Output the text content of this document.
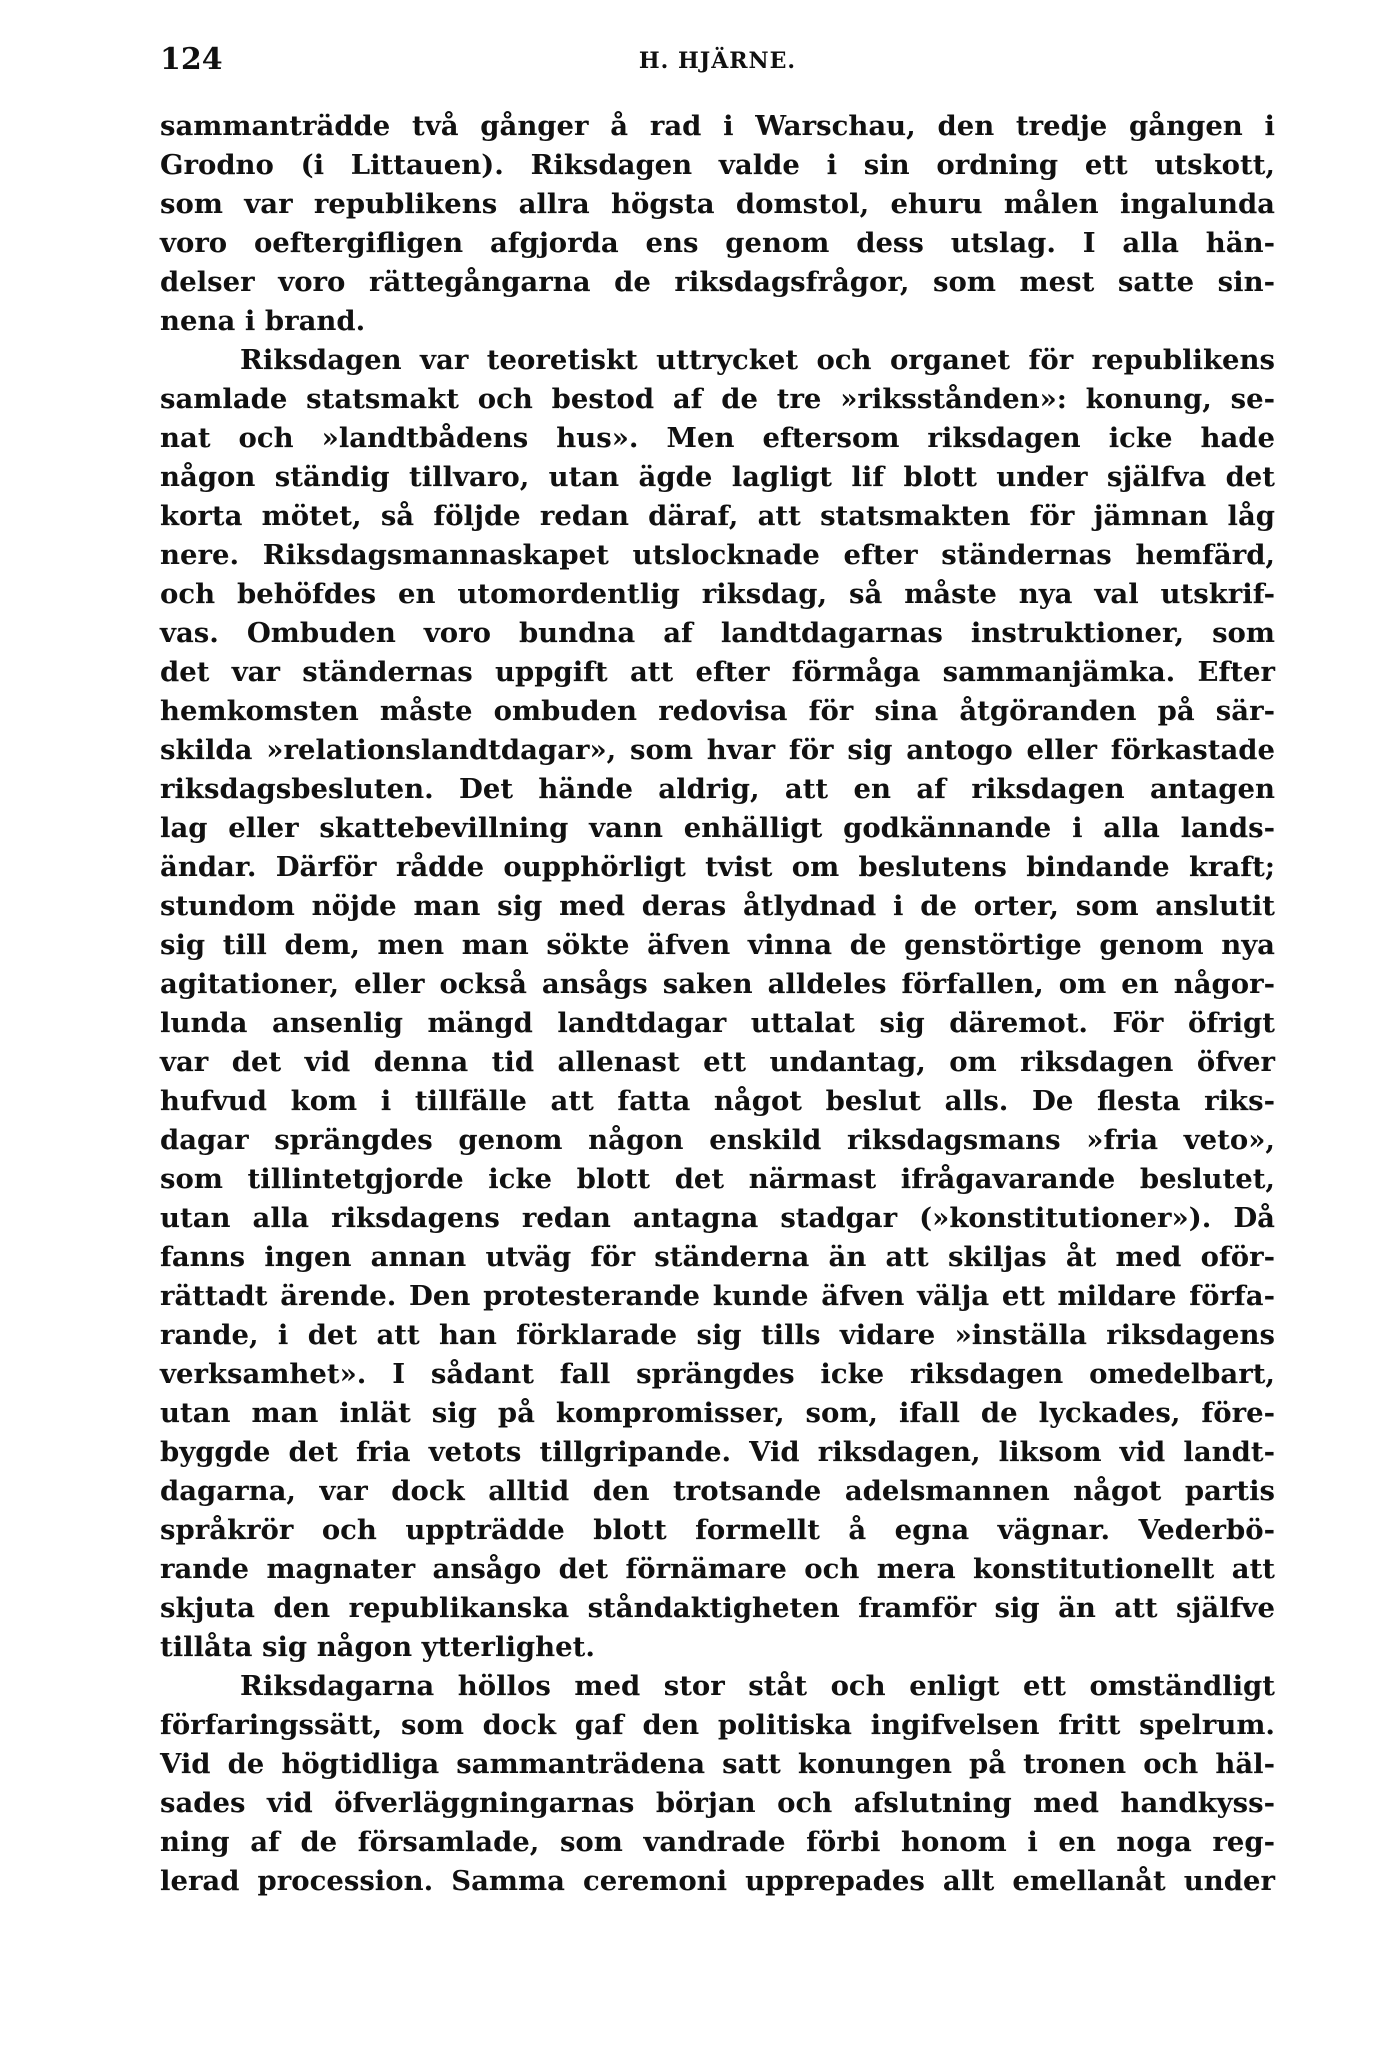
124	H. HJÄRNE.
sammanträdde två gånger å rad i Warschau, den tredje gången i
Grodno (i Littauen). Riksdagen valde i sin ordning ett utskott,
som var republikens allra högsta domstol, ehuru målen ingalunda
voro oeftergifligen afgjorda ens genom dess utslag. I alla hän-
delser voro rättegångarna de riksdagsfrågor, som mest satte sin-
nena i brand.
Riksdagen var teoretiskt uttrycket och organet för republikens
samlade statsmakt och bestod af de tre »riksstånden»: konung, se-
nat och »landtbådens hus». Men eftersom riksdagen icke hade
någon ständig tillvaro, utan ägde lagligt lif blott under själfva det
korta mötet, så följde redan däraf, att statsmakten för jämnan låg
nere. Riksdagsmannaskapet utslocknade efter ständernas hemfärd,
och behöfdes en utomordentlig riksdag, så måste nya val utskrif-
vas. Ombuden voro bundna af landtdagarnas instruktioner, som
det var ständernas uppgift att efter förmåga sammanjämka. Efter
hemkomsten måste ombuden redovisa för sina åtgöranden på sär-
skilda »relationslandtdagar», som hvar för sig antogo eller förkastade
riksdagsbesluten. Det hände aldrig, att en af riksdagen antagen
lag eller skattebevillning vann enhälligt godkännande i alla lands-
ändar. Därför rådde oupphörligt tvist om beslutens bindande kraft;
stundom nöjde man sig med deras åtlydnad i de orter, som anslutit
sig till dem, men man sökte äfven vinna de genstörtige genom nya
agitationer, eller också ansågs saken alldeles förfallen, om en någor-
lunda ansenlig mängd landtdagar uttalat sig däremot. För öfrigt
var det vid denna tid allenast ett undantag, om riksdagen öfver
hufvud kom i tillfälle att fatta något beslut alls. De flesta riks-
dagar sprängdes genom någon enskild riksdagsmans »fria veto»,
som tillintetgjorde icke blott det närmast ifrågavarande beslutet,
utan alla riksdagens redan antagna stadgar (»konstitutioner»). Då
fanns ingen annan utväg för ständerna än att skiljas åt med oför-
rättadt ärende. Den protesterande kunde äfven välja ett mildare förfa-
rande, i det att han förklarade sig tills vidare »inställa riksdagens
verksamhet». I sådant fall sprängdes icke riksdagen omedelbart,
utan man inlät sig på kompromisser, som, ifall de lyckades, före-
byggde det fria vetots tillgripande. Vid riksdagen, liksom vid landt-
dagarna, var dock alltid den trotsande adelsmannen något partis
språkrör och uppträdde blott formellt å egna vägnar. Vederbö-
rande magnater ansågo det förnämare och mera konstitutionellt att
skjuta den republikanska ståndaktigheten framför sig än att själfve
tillåta sig någon ytterlighet.
Riksdagarna höllos med stor ståt och enligt ett omständligt
förfaringssätt, som dock gaf den politiska ingifvelsen fritt spelrum.
Vid de högtidliga sammanträdena satt konungen på tronen och häl-
sades vid öfverläggningarnas början och afslutning med handkyss-
ning af de församlade, som vandrade förbi honom i en noga reg-
lerad procession. Samma ceremoni upprepades allt emellanåt under
